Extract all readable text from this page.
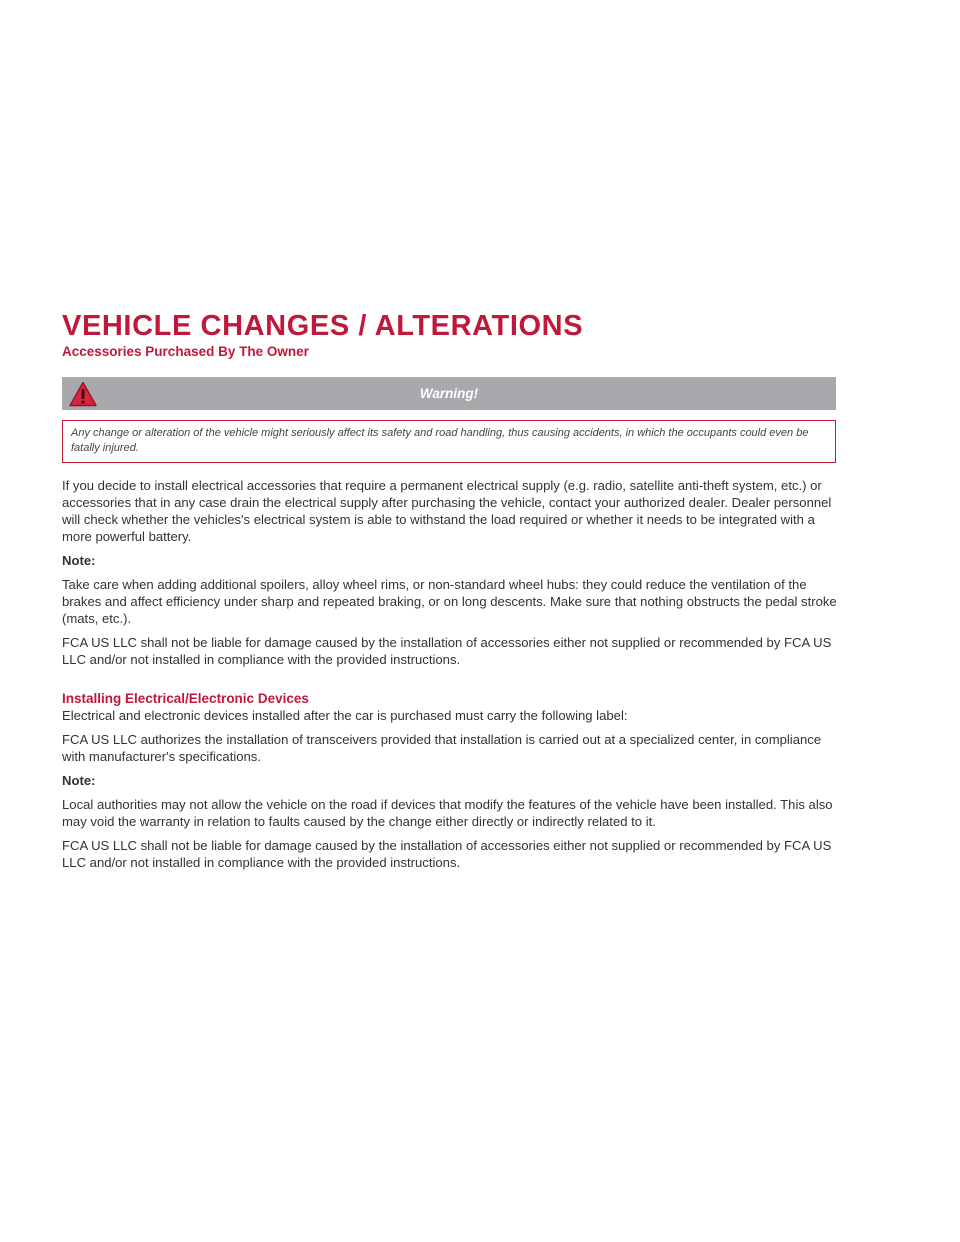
VEHICLE CHANGES / ALTERATIONS
Accessories Purchased By The Owner
Warning!

Any change or alteration of the vehicle might seriously affect its safety and road handling, thus causing accidents, in which the occupants could even be fatally injured.

If you decide to install electrical accessories that require a permanent electrical supply (e.g. radio, satellite anti-theft system, etc.) or accessories that in any case drain the electrical supply after purchasing the vehicle, contact your authorized dealer. Dealer personnel will check whether the vehicles's electrical system is able to withstand the load required or whether it needs to be integrated with a more powerful battery.

Note:

Take care when adding additional spoilers, alloy wheel rims, or non-standard wheel hubs: they could reduce the ventilation of the brakes and affect efficiency under sharp and repeated braking, or on long descents. Make sure that nothing obstructs the pedal stroke (mats, etc.).

FCA US LLC shall not be liable for damage caused by the installation of accessories either not supplied or recommended by FCA US LLC and/or not installed in compliance with the provided instructions.

Installing Electrical/Electronic Devices

Electrical and electronic devices installed after the car is purchased must carry the following label:

FCA US LLC authorizes the installation of transceivers provided that installation is carried out at a specialized center, in compliance with manufacturer's specifications.

Note:

Local authorities may not allow the vehicle on the road if devices that modify the features of the vehicle have been installed. This also may void the warranty in relation to faults caused by the change either directly or indirectly related to it.

FCA US LLC shall not be liable for damage caused by the installation of accessories either not supplied or recommended by FCA US LLC and/or not installed in compliance with the provided instructions.
